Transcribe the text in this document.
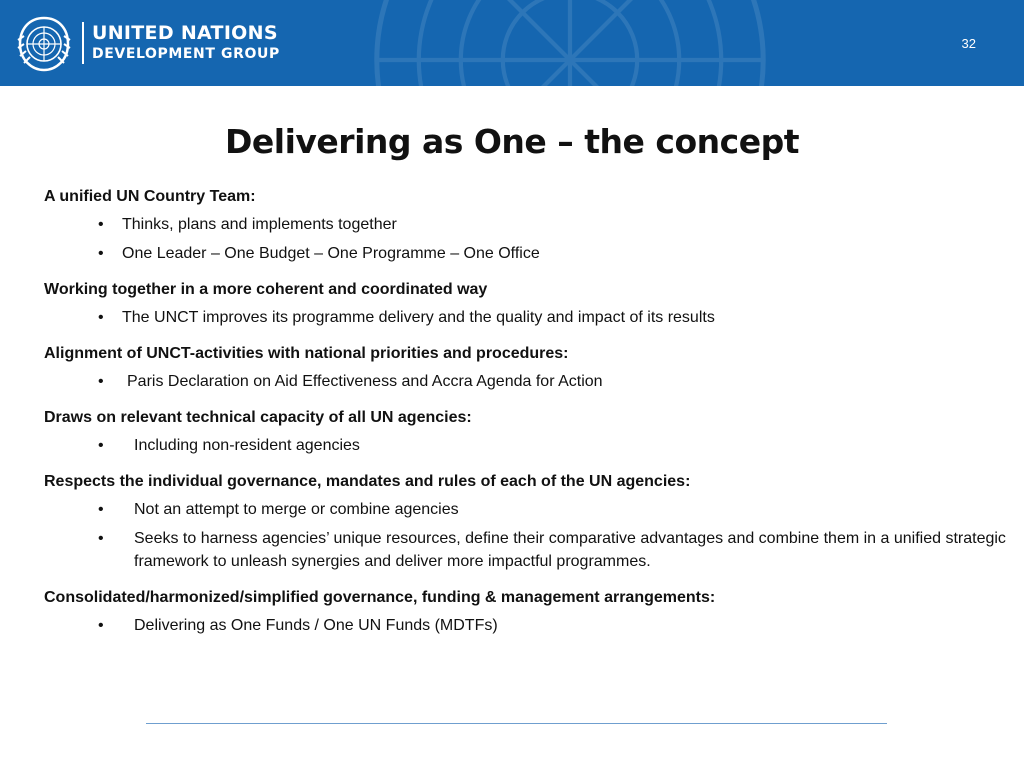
UNITED NATIONS
DEVELOPMENT GROUP
32
Delivering as One – the concept
A unified UN Country Team:
• Thinks, plans and implements together
• One Leader – One Budget – One Programme – One Office
Working together in a more coherent and coordinated way
• The UNCT improves its programme delivery and the quality and impact of its results
Alignment of UNCT-activities with national priorities and procedures:
• Paris Declaration on Aid Effectiveness and Accra Agenda for Action
Draws on relevant technical capacity of all UN agencies:
• Including non-resident agencies
Respects the individual governance, mandates and rules of each of the UN agencies:
• Not an attempt to merge or combine agencies
• Seeks to harness agencies’ unique resources, define their comparative advantages and combine them in a unified strategic framework to unleash synergies and deliver more impactful programmes.
Consolidated/harmonized/simplified governance, funding & management arrangements:
• Delivering as One Funds / One UN Funds (MDTFs)
